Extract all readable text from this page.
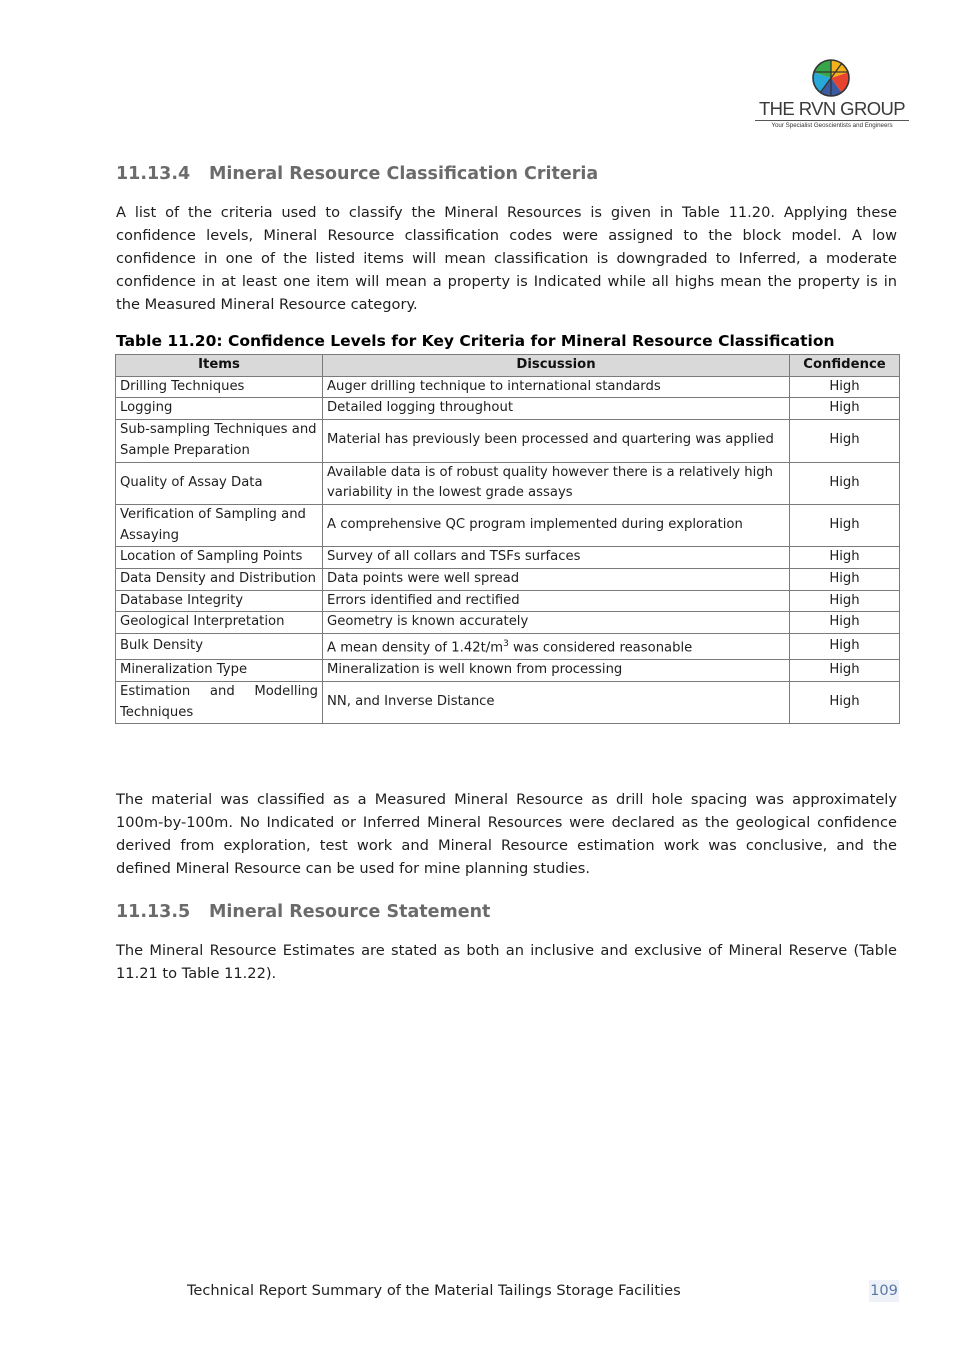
THE RVN GROUP
Your Specialist Geoscientists and Engineers
11.13.4 Mineral Resource Classification Criteria

A list of the criteria used to classify the Mineral Resources is given in Table 11.20. Applying these confidence levels, Mineral Resource classification codes were assigned to the block model. A low confidence in one of the listed items will mean classification is downgraded to Inferred, a moderate confidence in at least one item will mean a property is Indicated while all highs mean the property is in the Measured Mineral Resource category.

Table 11.20: Confidence Levels for Key Criteria for Mineral Resource Classification

Items	Discussion	Confidence
Drilling Techniques	Auger drilling technique to international standards	High
Logging	Detailed logging throughout	High
Sub-sampling Techniques and Sample Preparation	Material has previously been processed and quartering was applied	High
Quality of Assay Data	Available data is of robust quality however there is a relatively high variability in the lowest grade assays	High
Verification of Sampling and Assaying	A comprehensive QC program implemented during exploration	High
Location of Sampling Points	Survey of all collars and TSFs surfaces	High
Data Density and Distribution	Data points were well spread	High
Database Integrity	Errors identified and rectified	High
Geological Interpretation	Geometry is known accurately	High
Bulk Density	A mean density of $1.42t/m^3$ was considered reasonable	High
Mineralization Type	Mineralization is well known from processing	High
Estimation and Modelling Techniques	NN, and Inverse Distance	High

The material was classified as a Measured Mineral Resource as drill hole spacing was approximately 100m-by-100m. No Indicated or Inferred Mineral Resources were declared as the geological confidence derived from exploration, test work and Mineral Resource estimation work was conclusive, and the defined Mineral Resource can be used for mine planning studies.

11.13.5 Mineral Resource Statement

The Mineral Resource Estimates are stated as both an inclusive and exclusive of Mineral Reserve (Table 11.21 to Table 11.22).

Technical Report Summary of the Material Tailings Storage Facilities	109
